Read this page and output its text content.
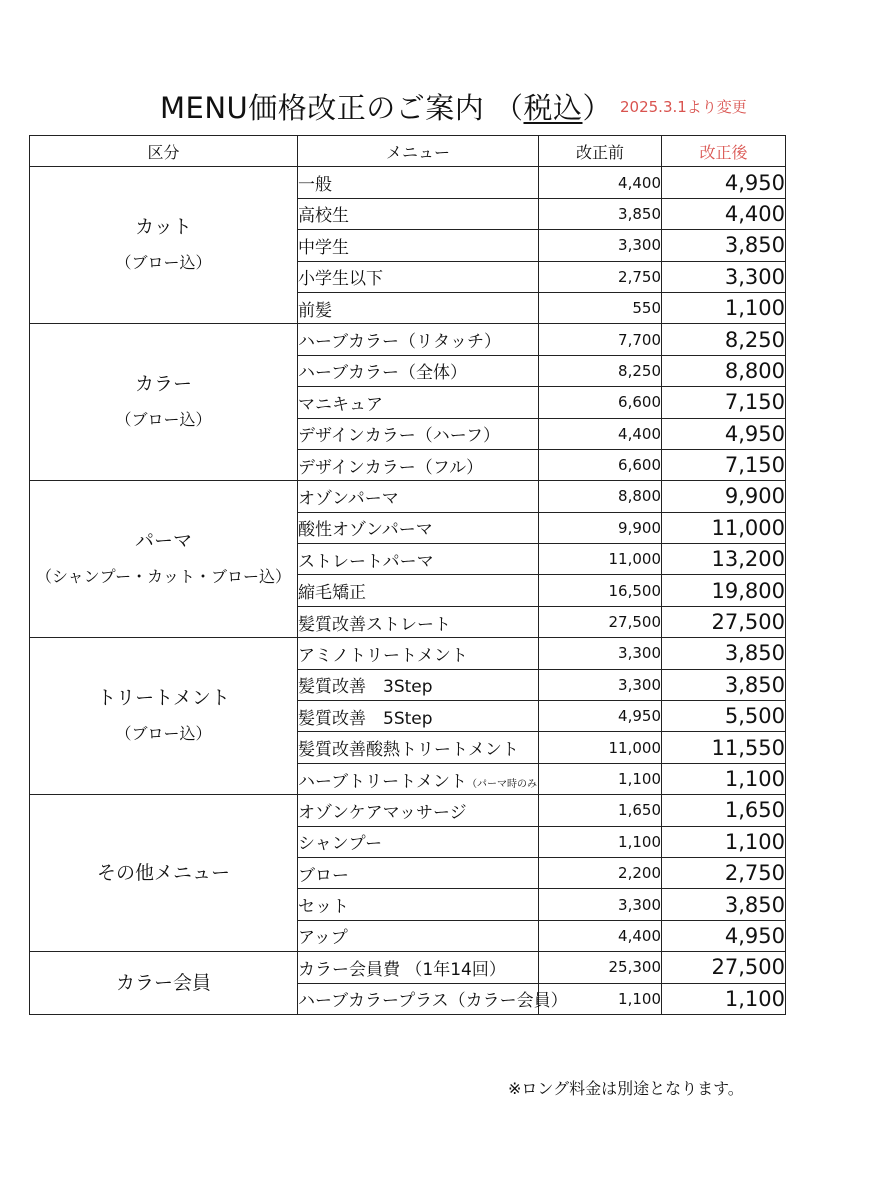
MENU価格改正のご案内 （税込） 2025.3.1より変更
区分	メニュー	改正前	改正後

カット
（ブロー込）	一般	4,400	4,950
	高校生	3,850	4,400
	中学生	3,300	3,850
	小学生以下	2,750	3,300
	前髪	550	1,100

カラー
（ブロー込）	ハーブカラー（リタッチ）	7,700	8,250
	ハーブカラー（全体）	8,250	8,800
	マニキュア	6,600	7,150
	デザインカラー（ハーフ）	4,400	4,950
	デザインカラー（フル）	6,600	7,150

パーマ
（シャンプー・カット・ブロー込）	オゾンパーマ	8,800	9,900
	酸性オゾンパーマ	9,900	11,000
	ストレートパーマ	11,000	13,200
	縮毛矯正	16,500	19,800
	髪質改善ストレート	27,500	27,500

トリートメント
（ブロー込）	アミノトリートメント	3,300	3,850
	髪質改善　3Step	3,300	3,850
	髪質改善　5Step	4,950	5,500
	髪質改善酸熱トリートメント	11,000	11,550
	ハーブトリートメント（パーマ時のみ	1,100	1,100

その他メニュー	オゾンケアマッサージ	1,650	1,650
	シャンプー	1,100	1,100
	ブロー	2,200	2,750
	セット	3,300	3,850
	アップ	4,400	4,950

カラー会員	カラー会員費 （1年14回）	25,300	27,500
	ハーブカラープラス（カラー会員）	1,100	1,100
※ロング料金は別途となります。
